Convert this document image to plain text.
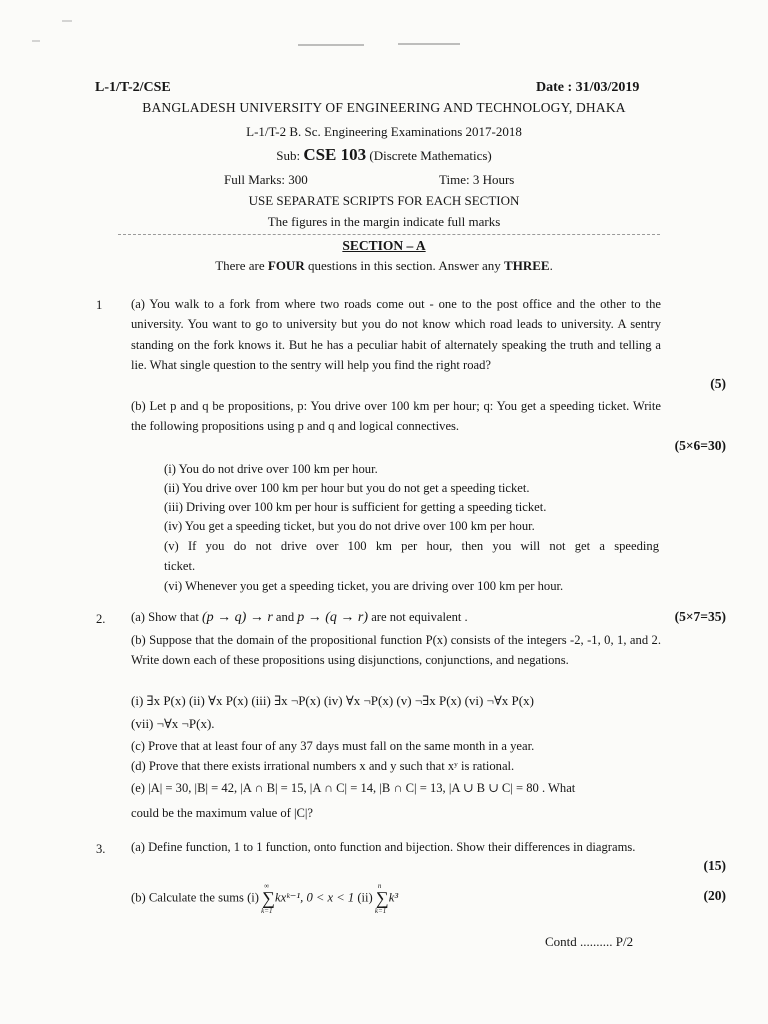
L-1/T-2/CSE	Date : 31/03/2019
BANGLADESH UNIVERSITY OF ENGINEERING AND TECHNOLOGY, DHAKA
L-1/T-2 B. Sc. Engineering Examinations 2017-2018
Sub: CSE 103 (Discrete Mathematics)
Full Marks: 300	Time: 3 Hours
USE SEPARATE SCRIPTS FOR EACH SECTION
The figures in the margin indicate full marks
SECTION – A
There are FOUR questions in this section. Answer any THREE.
1 (a) You walk to a fork from where two roads come out - one to the post office and the other to the university. You want to go to university but you do not know which road leads to university. A sentry standing on the fork knows it. But he has a peculiar habit of alternately speaking the truth and telling a lie. What single question to the sentry will help you find the right road?
(5)
(b) Let p and q be propositions, p: You drive over 100 km per hour; q: You get a speeding ticket. Write the following propositions using p and q and logical connectives.
(5×6=30)
(i) You do not drive over 100 km per hour.
(ii) You drive over 100 km per hour but you do not get a speeding ticket.
(iii) Driving over 100 km per hour is sufficient for getting a speeding ticket.
(iv) You get a speeding ticket, but you do not drive over 100 km per hour.
(v) If you do not drive over 100 km per hour, then you will not get a speeding
ticket.
(vi) Whenever you get a speeding ticket, you are driving over 100 km per hour.
2. (a) Show that (p → q) → r and p → (q → r) are not equivalent .	(5×7=35)
(b) Suppose that the domain of the propositional function P(x) consists of the integers -2, -1, 0, 1, and 2. Write down each of these propositions using disjunctions, conjunctions, and negations.
(i) ∃x P(x) (ii) ∀x P(x) (iii) ∃x ¬P(x) (iv) ∀x ¬P(x) (v) ¬∃x P(x) (vi) ¬∀x P(x)
(vii) ¬∀x ¬P(x).
(c) Prove that at least four of any 37 days must fall on the same month in a year.
(d) Prove that there exists irrational numbers x and y such that xʸ is rational.
(e) |A| = 30, |B| = 42, |A ∩ B| = 15, |A ∩ C| = 14, |B ∩ C| = 13, |A ∪ B ∪ C| = 80 . What
could be the maximum value of |C|?
3. (a) Define function, 1 to 1 function, onto function and bijection. Show their differences in diagrams.
(15)
(b) Calculate the sums (i) ∑
∞
k=1
kxᵏ⁻¹, 0 < x < 1 (ii) ∑
n
k=1
k³	(20)
Contd .......... P/2
